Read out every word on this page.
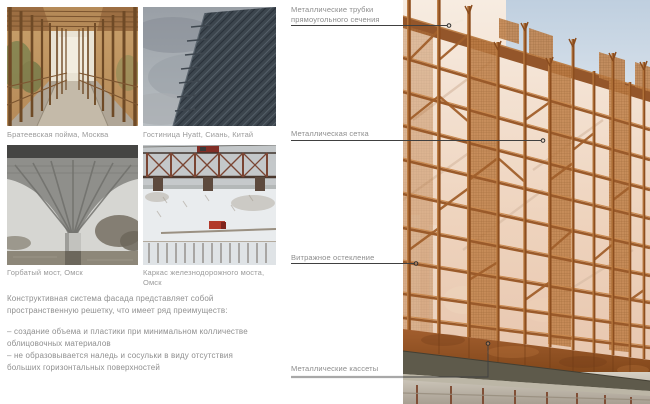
Братеевская пойма, Москва	Гостиница Hyatt, Сиань, Китай
Горбатый мост, Омск	Каркас железнодорожного моста, Омск

Конструктивная система фасада представляет собой пространственную решетку, что имеет ряд преимуществ:

– создание объема и пластики при минимальном колличестве облицовочных материалов

– не образовывается наледь и сосульки в виду отсутствия больших горизонтальных поверхностей

Металлические трубки прямоугольного сечения
Металлическая сетка
Витражное остекление
Металлические кассеты
